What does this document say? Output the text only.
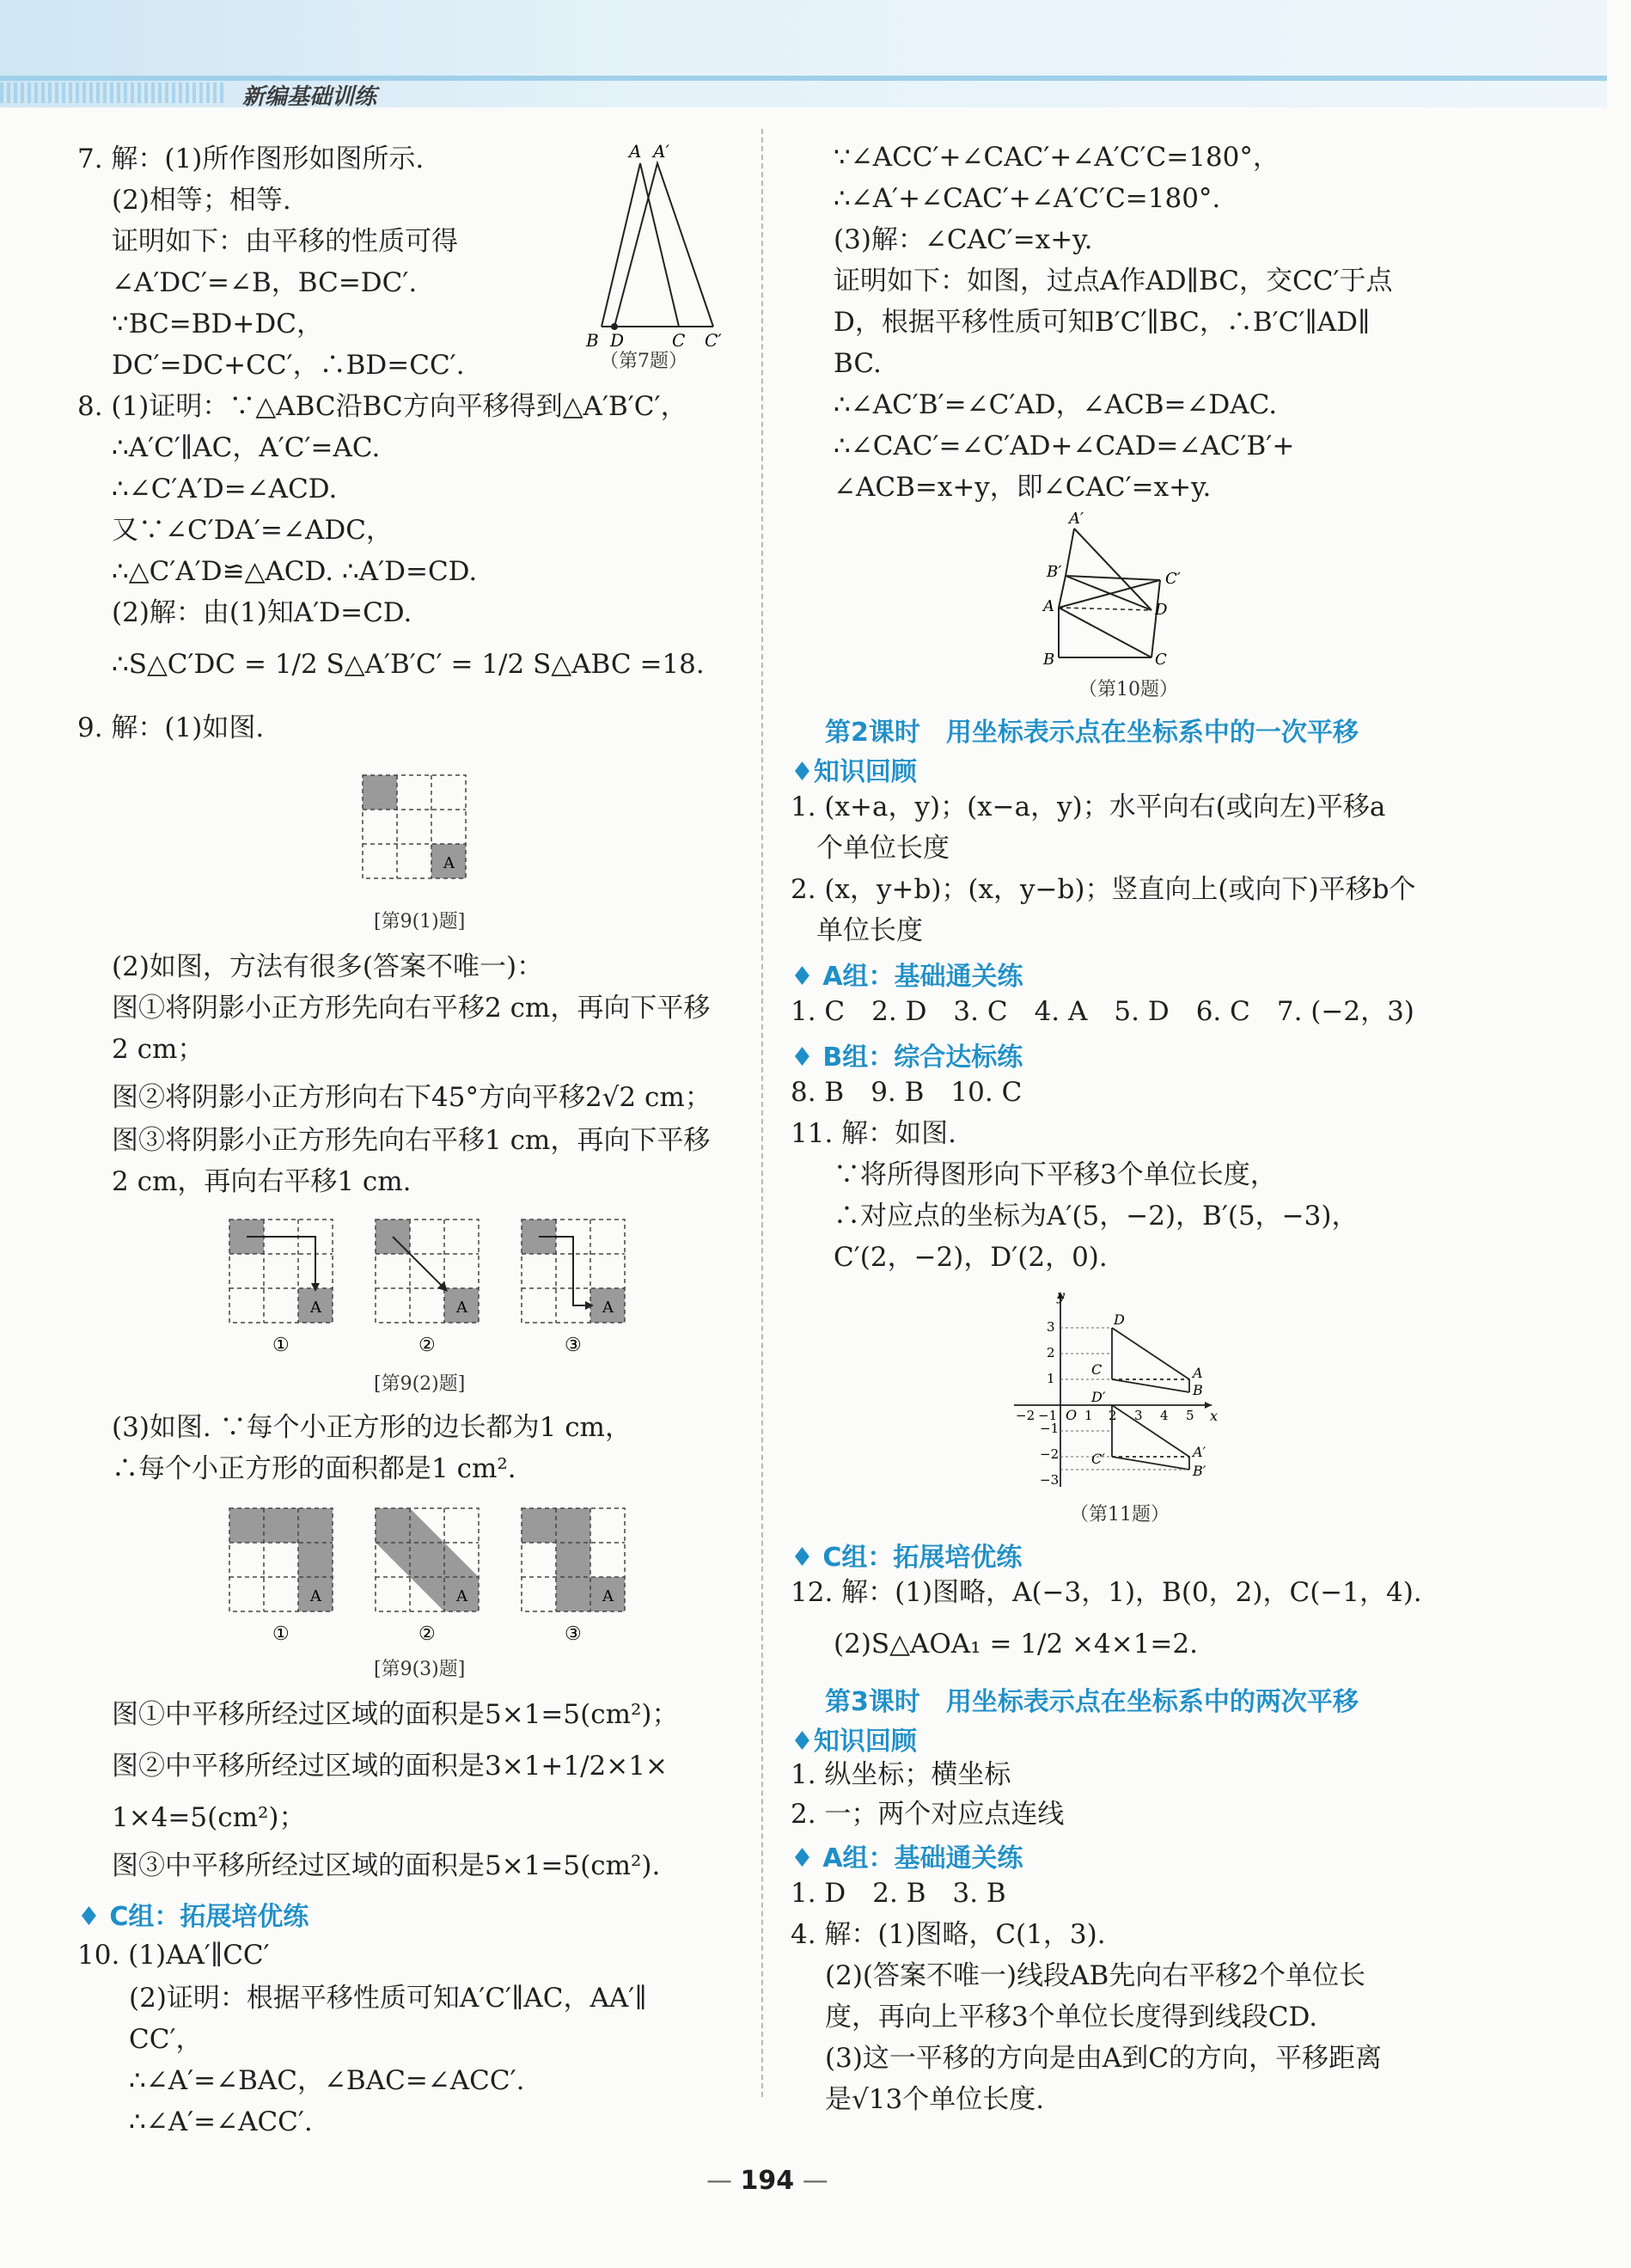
新编基础训练
7. 解：(1)所作图形如图所示.
(2)相等；相等.
证明如下：由平移的性质可得
∠A′DC′=∠B，BC=DC′.
∵BC=BD+DC，
DC′=DC+CC′，∴BD=CC′.
A A′
B D	C C′
（第7题）
8. (1)证明：∵△ABC沿BC方向平移得到△A′B′C′，
∴A′C′∥AC，A′C′=AC.
∴∠C′A′D=∠ACD.
又∵∠C′DA′=∠ADC，
∴△C′A′D≌△ACD. ∴A′D=CD.
(2)解：由(1)知A′D=CD.
∴S△C′DC = 1/2 S△A′B′C′ = 1/2 S△ABC =18.
9. 解：(1)如图.
A
[第9(1)题]
(2)如图，方法有很多(答案不唯一)：
图①将阴影小正方形先向右平移2 cm，再向下平移
2 cm；
图②将阴影小正方形向右下45°方向平移2√2 cm；
图③将阴影小正方形先向右平移1 cm，再向下平移
2 cm，再向右平移1 cm.
A
①
A
②
A
③
[第9(2)题]
(3)如图. ∵每个小正方形的边长都为1 cm，
∴每个小正方形的面积都是1 cm².
A
①
A
②
A
③
[第9(3)题]
图①中平移所经过区域的面积是5×1=5(cm²)；
图②中平移所经过区域的面积是3×1+1/2×1×
1×4=5(cm²)；
图③中平移所经过区域的面积是5×1=5(cm²).
♦ C组：拓展培优练
10. (1)AA′∥CC′
(2)证明：根据平移性质可知A′C′∥AC，AA′∥
CC′，
∴∠A′=∠BAC，∠BAC=∠ACC′.
∴∠A′=∠ACC′.
∵∠ACC′+∠CAC′+∠A′C′C=180°，
∴∠A′+∠CAC′+∠A′C′C=180°.
(3)解：∠CAC′=x+y.
证明如下：如图，过点A作AD∥BC，交CC′于点
D，根据平移性质可知B′C′∥BC，∴B′C′∥AD∥
BC.
∴∠AC′B′=∠C′AD，∠ACB=∠DAC.
∴∠CAC′=∠C′AD+∠CAD=∠AC′B′+
∠ACB=x+y，即∠CAC′=x+y.
A′
B′	C′
A	D
B	C
（第10题）
第2课时　用坐标表示点在坐标系中的一次平移
♦知识回顾
1. (x+a，y)；(x−a，y)；水平向右(或向左)平移a
个单位长度
2. (x，y+b)；(x，y−b)；竖直向上(或向下)平移b个
单位长度
♦ A组：基础通关练
1. C　2. D　3. C　4. A　5. D　6. C　7. (−2，3)
♦ B组：综合达标练
8. B　9. B　10. C
11. 解：如图.
∵将所得图形向下平移3个单位长度，
∴对应点的坐标为A′(5，−2)，B′(5，−3)，
C′(2，−2)，D′(2，0).
y
x
O
−2 −1 1 2 3 4 5
3
2
1
−1
−2
−3
D
C	A
B
D′
C′	A′
B′
（第11题）
♦ C组：拓展培优练
12. 解：(1)图略，A(−3，1)，B(0，2)，C(−1，4).
(2)S△AOA₁ = 1/2 ×4×1=2.
第3课时　用坐标表示点在坐标系中的两次平移
♦知识回顾
1. 纵坐标；横坐标
2. 一；两个对应点连线
♦ A组：基础通关练
1. D　2. B　3. B
4. 解：(1)图略，C(1，3).
(2)(答案不唯一)线段AB先向右平移2个单位长
度，再向上平移3个单位长度得到线段CD.
(3)这一平移的方向是由A到C的方向，平移距离
是√13个单位长度.
— 194 —
